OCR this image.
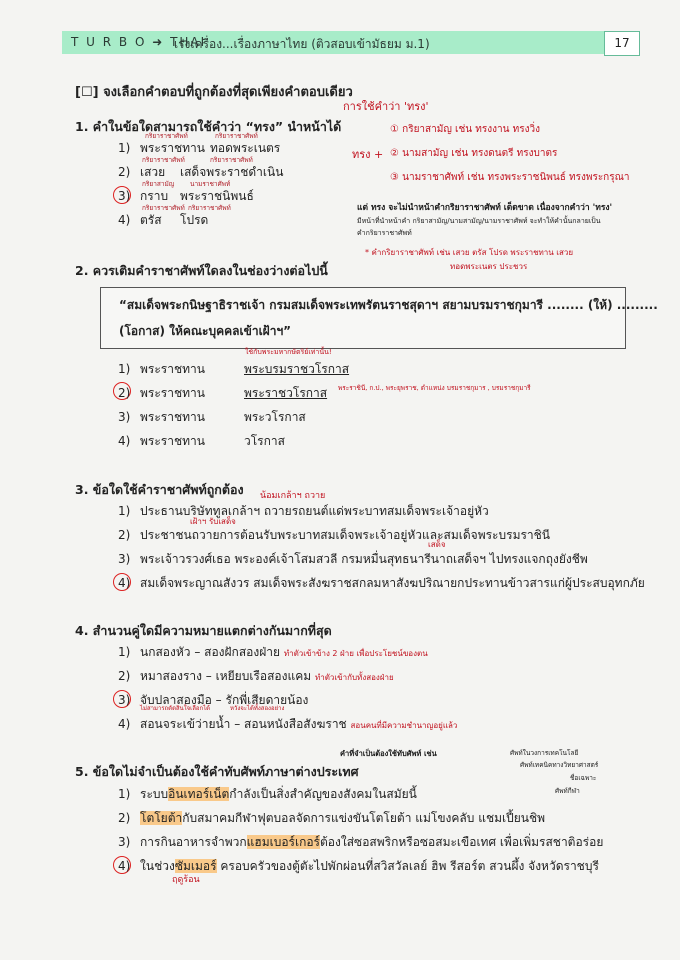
T U R B O ➜ THAI
เร่งเครื่อง...เรื่องภาษาไทย (ติวสอบเข้ามัธยม ม.1)	17
[☐] จงเลือกคำตอบที่ถูกต้องที่สุดเพียงคำตอบเดียว
1. คำในข้อใดสามารถใช้คำว่า “ทรง” นำหน้าได้
1) พระราชทาน ทอดพระเนตร
2) เสวย เสด็จพระราชดำเนิน
3) กราบ พระราชนิพนธ์
4) ตรัส โปรด
กริยาราชาศัพท์	กริยาราชาศัพท์
กริยาราชาศัพท์	กริยาราชาศัพท์
กริยาสามัญ นามราชาศัพท์
กริยาราชาศัพท์ กริยาราชาศัพท์
การใช้คำว่า 'ทรง'
ทรง +
① กริยาสามัญ เช่น ทรงงาน ทรงวิ่ง
② นามสามัญ เช่น ทรงดนตรี ทรงบาตร
③ นามราชาศัพท์ เช่น ทรงพระราชนิพนธ์ ทรงพระกรุณา
แต่ ทรง จะไม่นำหน้าคำกริยาราชาศัพท์ เด็ดขาด เนื่องจากคำว่า 'ทรง'
มีหน้าที่นำหน้าคำ กริยาสามัญ/นามสามัญ/นามราชาศัพท์ จะทำให้คำนั้นกลายเป็น
คำกริยาราชาศัพท์
* คำกริยาราชาศัพท์ เช่น เสวย ตรัส โปรด พระราชทาน เสวย
ทอดพระเนตร ประชวร
2. ควรเติมคำราชาศัพท์ใดลงในช่องว่างต่อไปนี้
“สมเด็จพระกนิษฐาธิราชเจ้า กรมสมเด็จพระเทพรัตนราชสุดาฯ สยามบรมราชกุมารี ........ (ให้) .........
(โอกาส) ให้คณะบุคคลเข้าเฝ้าฯ”
ใช้กับพระมหากษัตริย์เท่านั้น!
1) พระราชทาน	พระบรมราชวโรกาส
2) พระราชทาน	พระราชวโรกาส พระราชินี, ก.ป., พระยุพราช, ตำแหน่ง บรมราชกุมาร , บรมราชกุมารี
3) พระราชทาน	พระวโรกาส
4) พระราชทาน	วโรกาส
3. ข้อใดใช้คำราชาศัพท์ถูกต้อง น้อมเกล้าฯ ถวาย
1) ประธานบริษัททูลเกล้าฯ ถวายรถยนต์แด่พระบาทสมเด็จพระเจ้าอยู่หัว
เฝ้าฯ รับเสด็จ
2) ประชาชนถวายการต้อนรับพระบาทสมเด็จพระเจ้าอยู่หัวและสมเด็จพระบรมราชินี
เสด็จ
3) พระเจ้าวรวงศ์เธอ พระองค์เจ้าโสมสวลี กรมหมื่นสุทธนารีนาถเสด็จฯ ไปทรงแจกถุงยังชีพ
4) สมเด็จพระญาณสังวร สมเด็จพระสังฆราชสกลมหาสังฆปริณายกประทานข้าวสารแก่ผู้ประสบอุทกภัย
4. สำนวนคู่ใดมีความหมายแตกต่างกันมากที่สุด
1) นกสองหัว – สองฝักสองฝ่าย ทำตัวเข้าข้าง 2 ฝ่าย เพื่อประโยชน์ของตน
2) หมาสองราง – เหยียบเรือสองแคม ทำตัวเข้ากับทั้งสองฝ่าย
3) จับปลาสองมือ – รักพี่เสียดายน้อง
ไม่สามารถตัดสินใจเลือกได้	หวังจะได้ทั้งสองอย่าง
4) สอนจระเข้ว่ายน้ำ – สอนหนังสือสังฆราช สอนคนที่มีความชำนาญอยู่แล้ว
5. ข้อใดไม่จำเป็นต้องใช้คำทับศัพท์ภาษาต่างประเทศ
คำที่จำเป็นต้องใช้ทับศัพท์ เช่น	ศัพท์ในวงการเทคโนโลยี
ศัพท์เทคนิคทางวิทยาศาสตร์
ชื่อเฉพาะ
ศัพท์กีฬา
1) ระบบอินเทอร์เน็ตกำลังเป็นสิ่งสำคัญของสังคมในสมัยนี้
2) โตโยต้ากับสมาคมกีฬาฟุตบอลจัดการแข่งขันโตโยต้า แม่โขงคลับ แชมเปี้ยนชิพ
3) การกินอาหารจำพวกแฮมเบอร์เกอร์ต้องใส่ซอสพริกหรือซอสมะเขือเทศ เพื่อเพิ่มรสชาติอร่อย
4) ในช่วงซัมเมอร์ ครอบครัวของตู้ตัะไปพักผ่อนที่สวิสวัลเลย์ ฮิพ รีสอร์ต สวนผึ้ง จังหวัดราชบุรี
ฤดูร้อน
